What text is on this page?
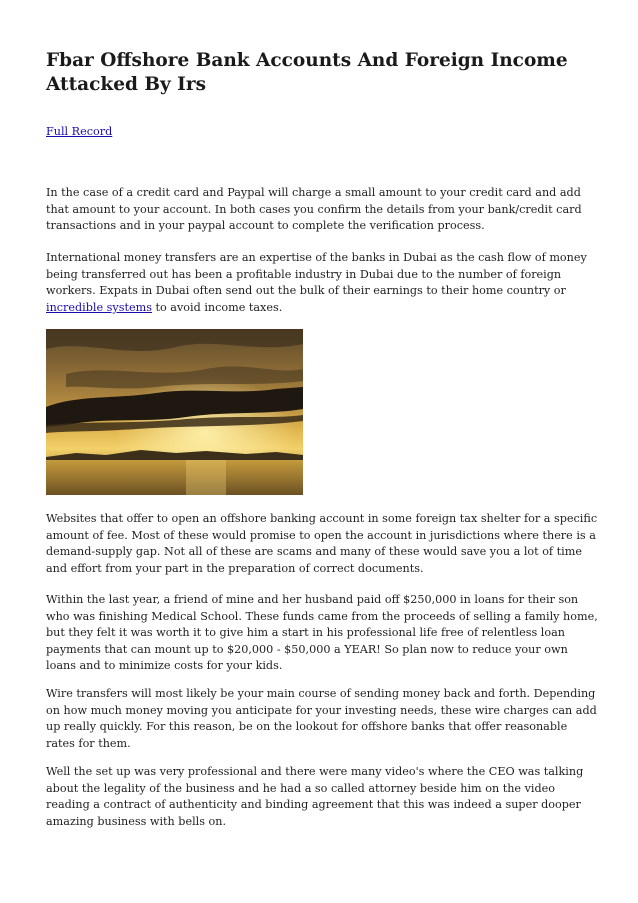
Fbar Offshore Bank Accounts And Foreign Income Attacked By Irs
Full Record

In the case of a credit card and Paypal will charge a small amount to your credit card and add that amount to your account. In both cases you confirm the details from your bank/credit card transactions and in your paypal account to complete the verification process.

International money transfers are an expertise of the banks in Dubai as the cash flow of money being transferred out has been a profitable industry in Dubai due to the number of foreign workers. Expats in Dubai often send out the bulk of their earnings to their home country or incredible systems to avoid income taxes.

Websites that offer to open an offshore banking account in some foreign tax shelter for a specific amount of fee. Most of these would promise to open the account in jurisdictions where there is a demand-supply gap. Not all of these are scams and many of these would save you a lot of time and effort from your part in the preparation of correct documents.

Within the last year, a friend of mine and her husband paid off $250,000 in loans for their son who was finishing Medical School. These funds came from the proceeds of selling a family home, but they felt it was worth it to give him a start in his professional life free of relentless loan payments that can mount up to $20,000 - $50,000 a YEAR! So plan now to reduce your own loans and to minimize costs for your kids.

Wire transfers will most likely be your main course of sending money back and forth. Depending on how much money moving you anticipate for your investing needs, these wire charges can add up really quickly. For this reason, be on the lookout for offshore banks that offer reasonable rates for them.

Well the set up was very professional and there were many video's where the CEO was talking about the legality of the business and he had a so called attorney beside him on the video reading a contract of authenticity and binding agreement that this was indeed a super dooper amazing business with bells on.
